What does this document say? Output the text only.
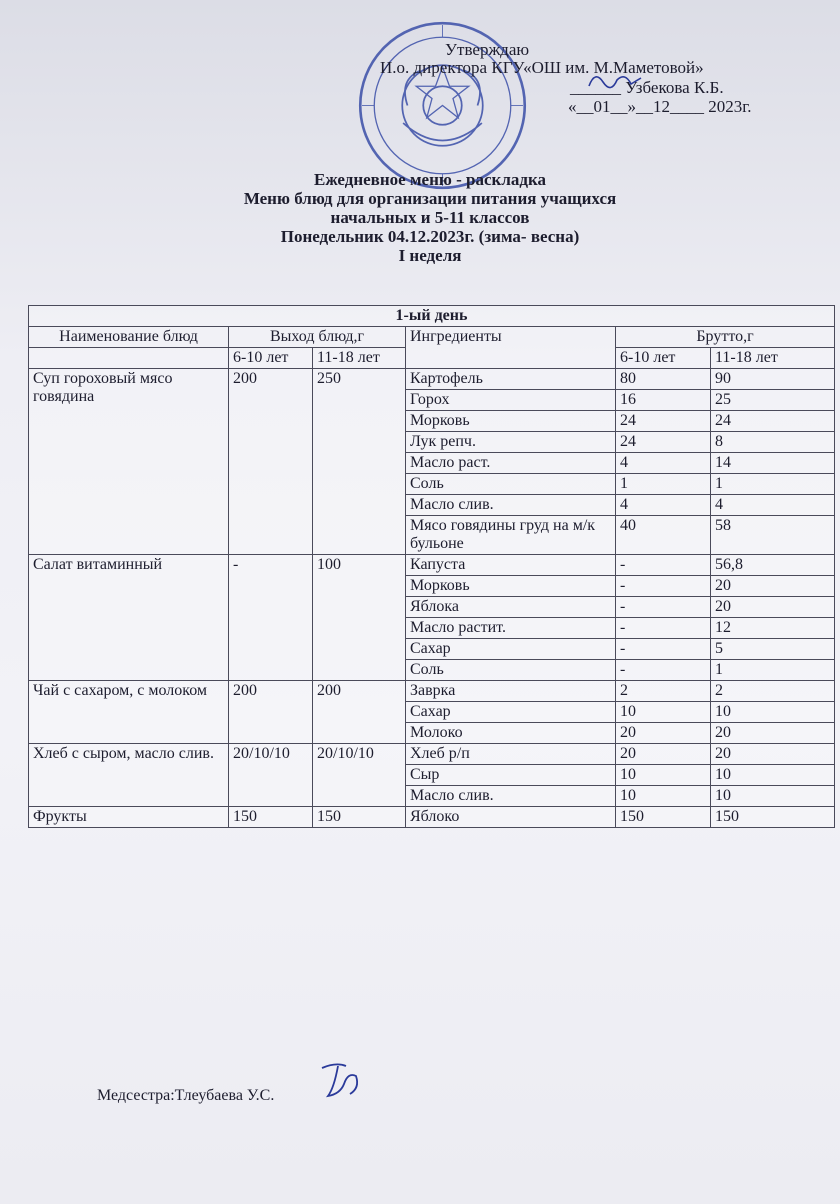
Утверждаю
И.о. директора КГУ«ОШ им. М.Маметовой»
______ Узбекова К.Б.
«__01__»__12____ 2023г.
Ежедневное меню - раскладка
Меню блюд для организации питания учащихся
начальных и 5-11 классов
Понедельник 04.12.2023г. (зима- весна)
I неделя
1-ый день					
Наименование блюд	Выход блюд,г		Ингредиенты	Брутто,г	
	6-10 лет	11-18 лет		6-10 лет	11-18 лет
Суп гороховый мясо говядина	200	250	Картофель	80	90
			Горох	16	25
			Морковь	24	24
			Лук репч.	24	8
			Масло раст.	4	14
			Соль	1	1
			Масло слив.	4	4
			Мясо говядины груд на м/к бульоне	40	58
Салат витаминный	-	100	Капуста	-	56,8
			Морковь	-	20
			Яблока	-	20
			Масло растит.	-	12
			Сахар	-	5
			Соль	-	1
Чай с сахаром, с молоком	200	200	Заврка	2	2
			Сахар	10	10
			Молоко	20	20
Хлеб с сыром, масло слив.	20/10/10	20/10/10	Хлеб р/п	20	20
			Сыр	10	10
			Масло слив.	10	10
Фрукты	150	150	Яблоко	150	150
Медсестра:Тлеубаева У.С.
